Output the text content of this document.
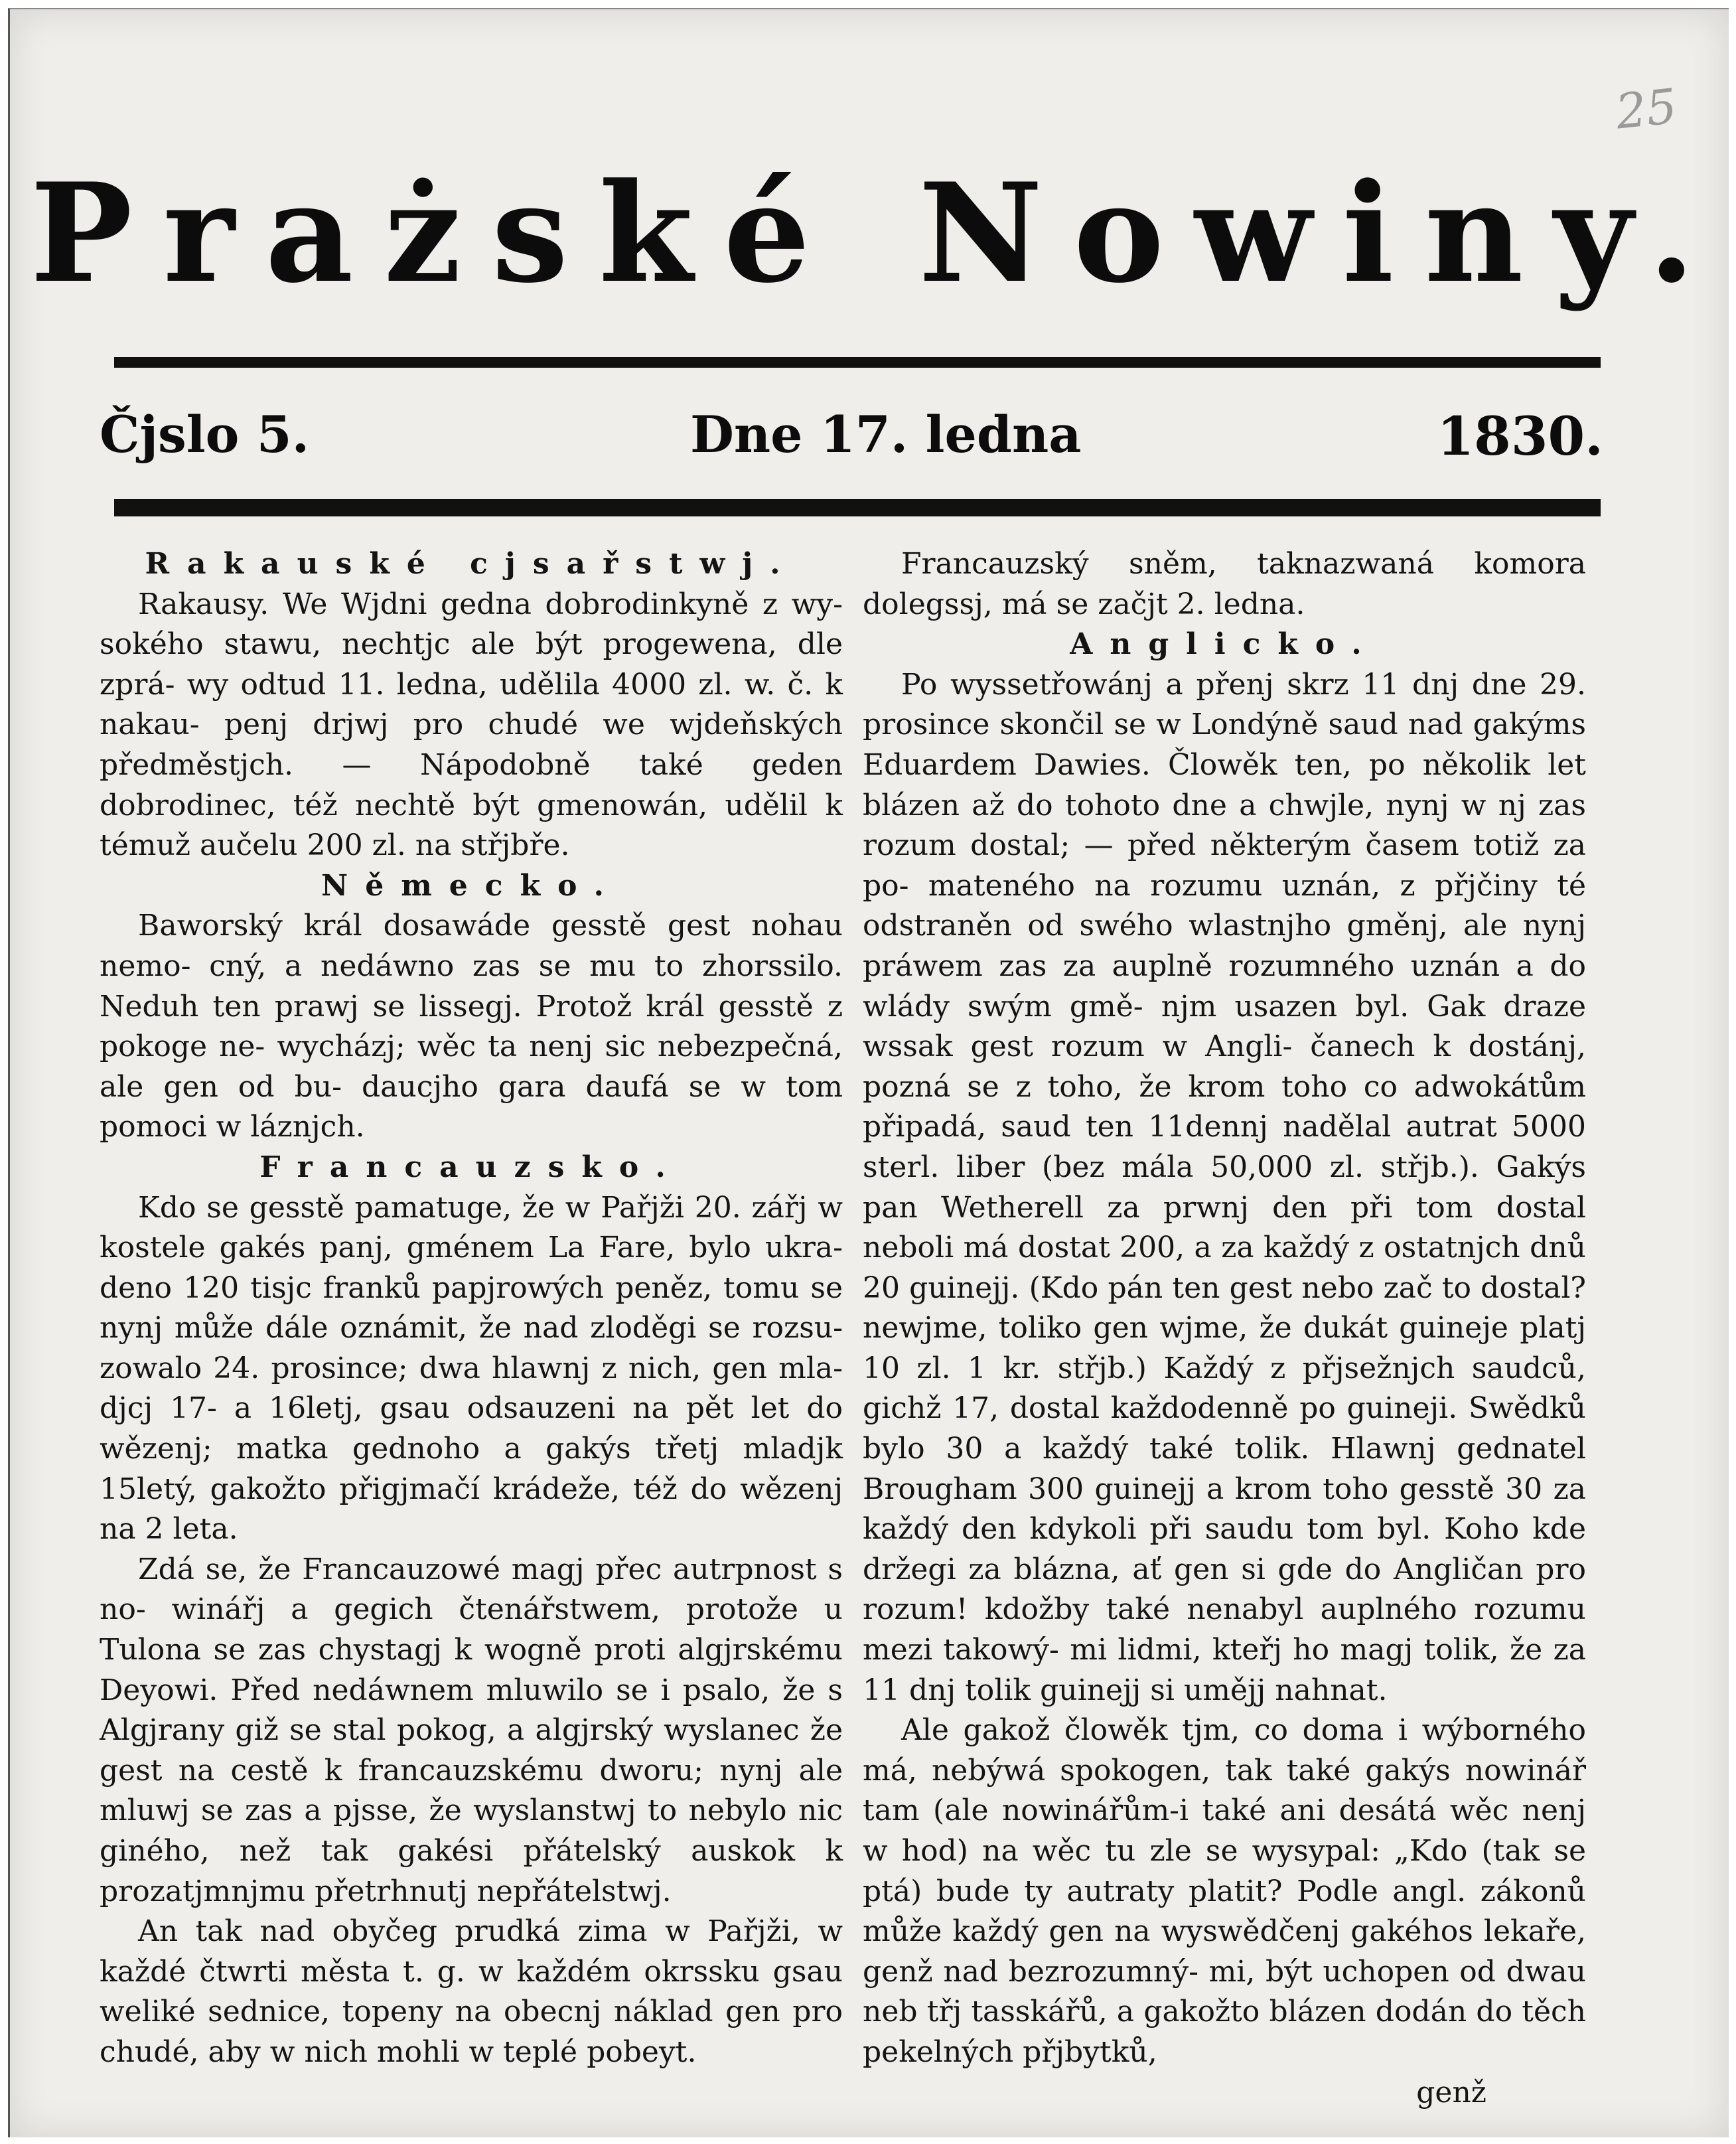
25
Prażské Nowiny.
Čjslo 5.	Dne 17. ledna	1830.

Rakauské cjsařstwj.

Rakausy. We Wjdni gedna dobrodinkyně z wy- sokého stawu, nechtjc ale být progewena, dle zprá- wy odtud 11. ledna, udělila 4000 zl. w. č. k nakau- penj drjwj pro chudé we wjdeňských předměstjch. — Nápodobně také geden dobrodinec, též nechtě být gmenowán, udělil k témuž aučelu 200 zl. na střjbře.

Německo.

Baworský král dosawáde gesstě gest nohau nemo- cný, a nedáwno zas se mu to zhorssilo. Neduh ten prawj se lissegj. Protož král gesstě z pokoge ne- wycházj; wěc ta nenj sic nebezpečná, ale gen od bu- daucjho gara daufá se w tom pomoci w láznjch.

Francauzsko.

Kdo se gesstě pamatuge, že w Pařjži 20. zářj w kostele gakés panj, gménem La Fare, bylo ukra- deno 120 tisjc franků papjrowých peněz, tomu se nynj může dále oznámit, že nad zloděgi se rozsu- zowalo 24. prosince; dwa hlawnj z nich, gen mla- djcj 17- a 16letj, gsau odsauzeni na pět let do wězenj; matka gednoho a gakýs třetj mladjk 15letý, gakožto přigjmačí krádeže, též do wězenj na 2 leta.

Zdá se, že Francauzowé magj přec autrpnost s no- winářj a gegich čtenářstwem, protože u Tulona se zas chystagj k wogně proti algjrskému Deyowi. Před nedáwnem mluwilo se i psalo, že s Algjrany giž se stal pokog, a algjrský wyslanec že gest na cestě k francauzskému dworu; nynj ale mluwj se zas a pjsse, že wyslanstwj to nebylo nic giného, než tak gakési přátelský auskok k prozatjmnjmu přetrhnutj nepřátelstwj.

An tak nad obyčeg prudká zima w Pařjži, w každé čtwrti města t. g. w každém okrssku gsau weliké sednice, topeny na obecnj náklad gen pro chudé, aby w nich mohli w teplé pobeyt.

Francauzský sněm, taknazwaná komora dolegssj, má se začjt 2. ledna.

Anglicko.

Po wyssetřowánj a přenj skrz 11 dnj dne 29. prosince skončil se w Londýně saud nad gakýms Eduardem Dawies. Člowěk ten, po několik let blázen až do tohoto dne a chwjle, nynj w nj zas rozum dostal; — před některým časem totiž za po- mateného na rozumu uznán, z přjčiny té odstraněn od swého wlastnjho gměnj, ale nynj práwem zas za auplně rozumného uznán a do wlády swým gmě- njm usazen byl. Gak draze wssak gest rozum w Angli- čanech k dostánj, pozná se z toho, že krom toho co adwokátům připadá, saud ten 11dennj nadělal autrat 5000 sterl. liber (bez mála 50,000 zl. střjb.). Gakýs pan Wetherell za prwnj den při tom dostal neboli má dostat 200, a za každý z ostatnjch dnů 20 guinejj. (Kdo pán ten gest nebo zač to dostal? newjme, toliko gen wjme, že dukát guineje platj 10 zl. 1 kr. střjb.) Každý z přjsežnjch saudců, gichž 17, dostal každodenně po guineji. Swědků bylo 30 a každý také tolik. Hlawnj gednatel Brougham 300 guinejj a krom toho gesstě 30 za každý den kdykoli při saudu tom byl. Koho kde držegi za blázna, ať gen si gde do Angličan pro rozum! kdožby také nenabyl auplného rozumu mezi takowý- mi lidmi, kteřj ho magj tolik, že za 11 dnj tolik guinejj si umějj nahnat.

Ale gakož člowěk tjm, co doma i wýborného má, nebýwá spokogen, tak také gakýs nowinář tam (ale nowinářům-i také ani desátá wěc nenj w hod) na wěc tu zle se wysypal: „Kdo (tak se ptá) bude ty autraty platit? Podle angl. zákonů může každý gen na wyswědčenj gakéhos lekaře, genž nad bezrozumný- mi, být uchopen od dwau neb třj tasskářů, a gakožto blázen dodán do těch pekelných přjbytků,

genž
